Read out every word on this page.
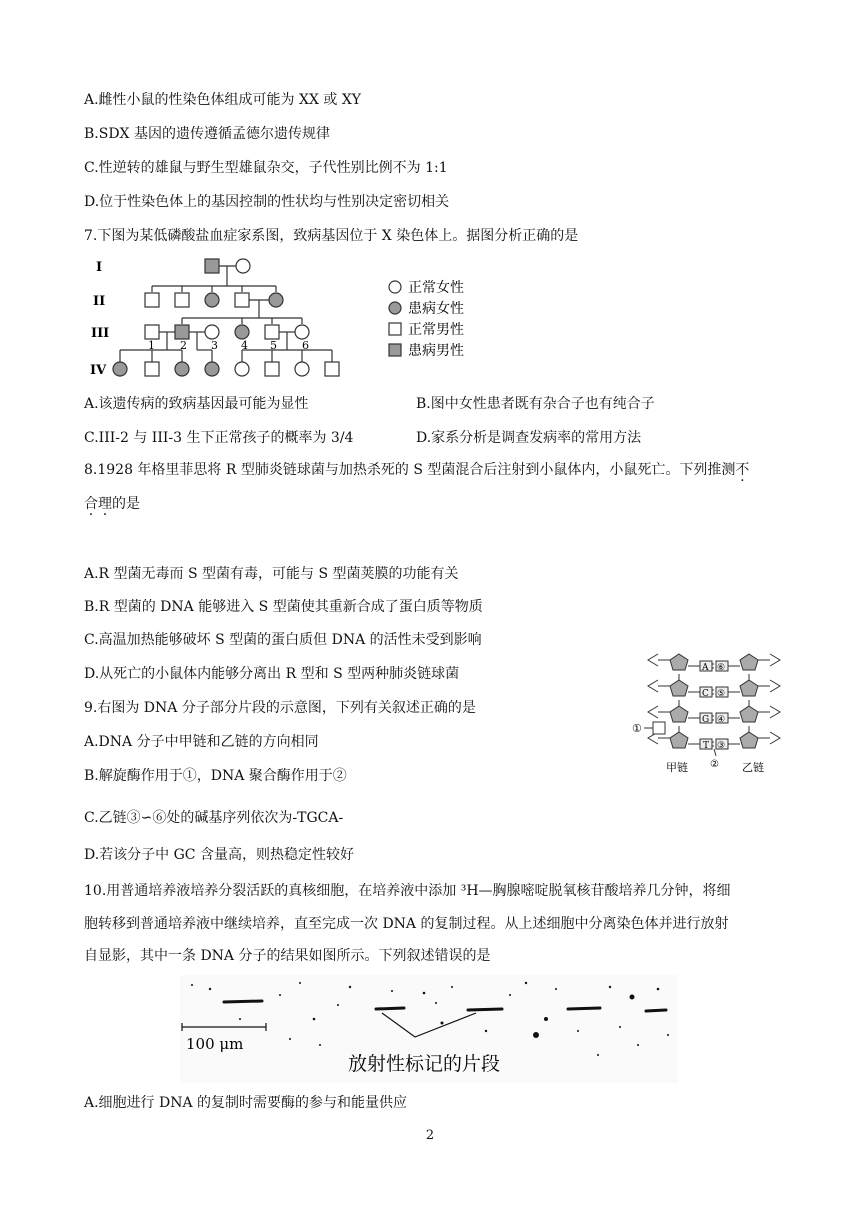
A.雌性小鼠的性染色体组成可能为 XX 或 XY
B.SDX 基因的遗传遵循孟德尔遗传规律
C.性逆转的雄鼠与野生型雄鼠杂交，子代性别比例不为 1:1
D.位于性染色体上的基因控制的性状均与性别决定密切相关
7.下图为某低磷酸盐血症家系图，致病基因位于 X 染色体上。据图分析正确的是
I
II
III
IV
1 2 3 4 5 6
正常女性
患病女性
正常男性
患病男性
A.该遗传病的致病基因最可能为显性	B.图中女性患者既有杂合子也有纯合子
C.III-2 与 III-3 生下正常孩子的概率为 3/4	D.家系分析是调查发病率的常用方法
8.1928 年格里菲思将 R 型肺炎链球菌与加热杀死的 S 型菌混合后注射到小鼠体内，小鼠死亡。下列推测不
合理的是
A.R 型菌无毒而 S 型菌有毒，可能与 S 型菌荚膜的功能有关
B.R 型菌的 DNA 能够进入 S 型菌使其重新合成了蛋白质等物质
C.高温加热能够破坏 S 型菌的蛋白质但 DNA 的活性未受到影响
D.从死亡的小鼠体内能够分离出 R 型和 S 型两种肺炎链球菌
9.右图为 DNA 分子部分片段的示意图，下列有关叙述正确的是
A.DNA 分子中甲链和乙链的方向相同
B.解旋酶作用于①，DNA 聚合酶作用于②
C.乙链③∽⑥处的碱基序列依次为-TGCA-
D.若该分子中 GC 含量高，则热稳定性较好
A
C
G
T
⑥
⑤
④
③
①
②
甲链	乙链
10.用普通培养液培养分裂活跃的真核细胞，在培养液中添加 ³H—胸腺嘧啶脱氧核苷酸培养几分钟，将细
胞转移到普通培养液中继续培养，直至完成一次 DNA 的复制过程。从上述细胞中分离染色体并进行放射
自显影，其中一条 DNA 分子的结果如图所示。下列叙述错误的是
100 μm
放射性标记的片段
A.细胞进行 DNA 的复制时需要酶的参与和能量供应
2
